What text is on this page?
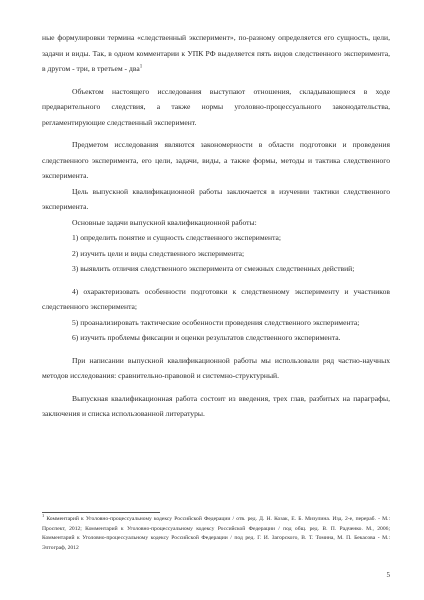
ные формулировки термина «следственный эксперимент», по-разному определяется его сущность, цели, задачи и виды. Так, в одном комментарии к УПК РФ выделяется пять видов следственного эксперимента, в другом - три, в третьем - два$^1$

Объектом настоящего исследования выступают отношения, складывающиеся в ходе предварительного следствия, а также нормы уголовно-процессуального законодательства, регламентирующие следственный эксперимент.

Предметом исследования являются закономерности в области подготовки и проведения следственного эксперимента, его цели, задачи, виды, а также формы, методы и тактика следственного эксперимента.

Цель выпускной квалификационной работы заключается в изучении тактики следственного эксперимента.

Основные задачи выпускной квалификационной работы:

1) определить понятие и сущность следственного эксперимента;

2) изучить цели и виды следственного эксперимента;

3) выявлить отличия следственного эксперимента от смежных следственных действий;

4) охарактеризовать особенности подготовки к следственному эксперименту и участников следственного эксперимента;

5) проанализировать тактические особенности проведения следственного эксперимента;

6) изучить проблемы фиксации и оценки результатов следственного эксперимента.

При написании выпускной квалификационной работы мы использовали ряд частно-научных методов исследования: сравнительно-правовой и системно-структурный.

Выпускная квалификационная работа состоит из введения, трех глав, разбитых на параграфы, заключения и списка использованной литературы.

$^1$ Комментарий к Уголовно-процессуальному кодексу Российской Федерации / отв. ред. Д. Н. Козак, Е. Б. Мизулина. Изд. 2-е, перераб. - М.: Проспект, 2012; Комментарий к Уголовно-процессуальному кодексу Российской Федерации / под общ. ред. В. П. Радченко. М., 2006; Комментарий к Уголовно-процессуальному кодексу Российской Федерации / под ред. Г. И. Загорского, В. Т. Томина, М. П. Бекасова - М.: Элтограф, 2012
5
